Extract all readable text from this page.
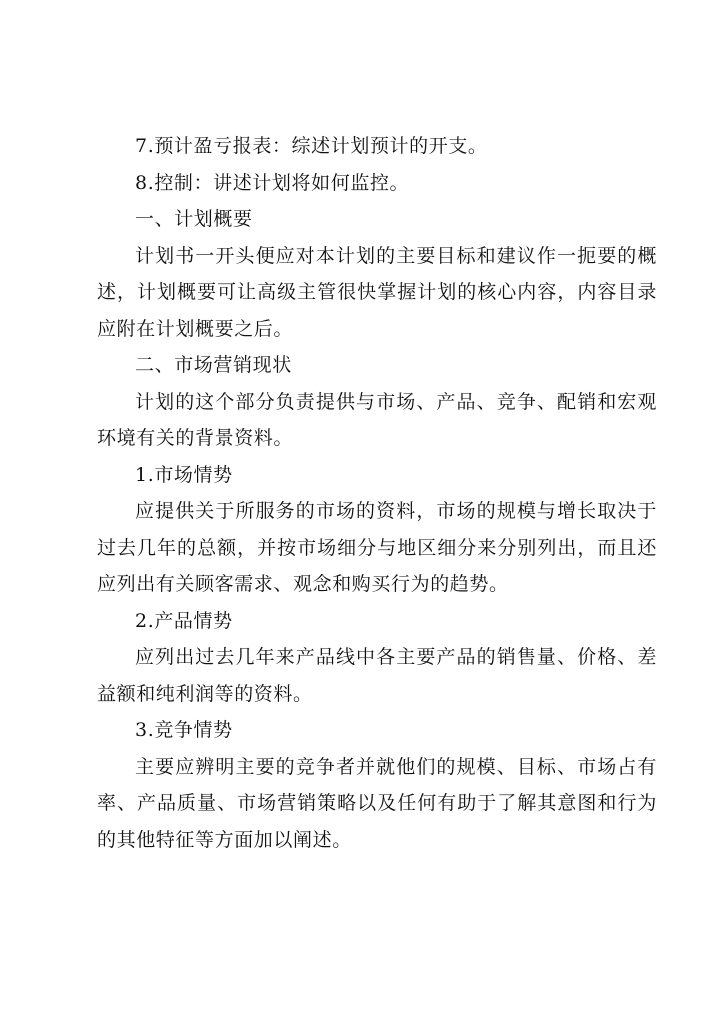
7.预计盈亏报表：综述计划预计的开支。

8.控制：讲述计划将如何监控。

一、计划概要

计划书一开头便应对本计划的主要目标和建议作一扼要的概述，计划概要可让高级主管很快掌握计划的核心内容，内容目录应附在计划概要之后。

二、市场营销现状

计划的这个部分负责提供与市场、产品、竞争、配销和宏观环境有关的背景资料。

1.市场情势

应提供关于所服务的市场的资料，市场的规模与增长取决于过去几年的总额，并按市场细分与地区细分来分别列出，而且还应列出有关顾客需求、观念和购买行为的趋势。

2.产品情势

应列出过去几年来产品线中各主要产品的销售量、价格、差益额和纯利润等的资料。

3.竞争情势

主要应辨明主要的竞争者并就他们的规模、目标、市场占有率、产品质量、市场营销策略以及任何有助于了解其意图和行为的其他特征等方面加以阐述。
